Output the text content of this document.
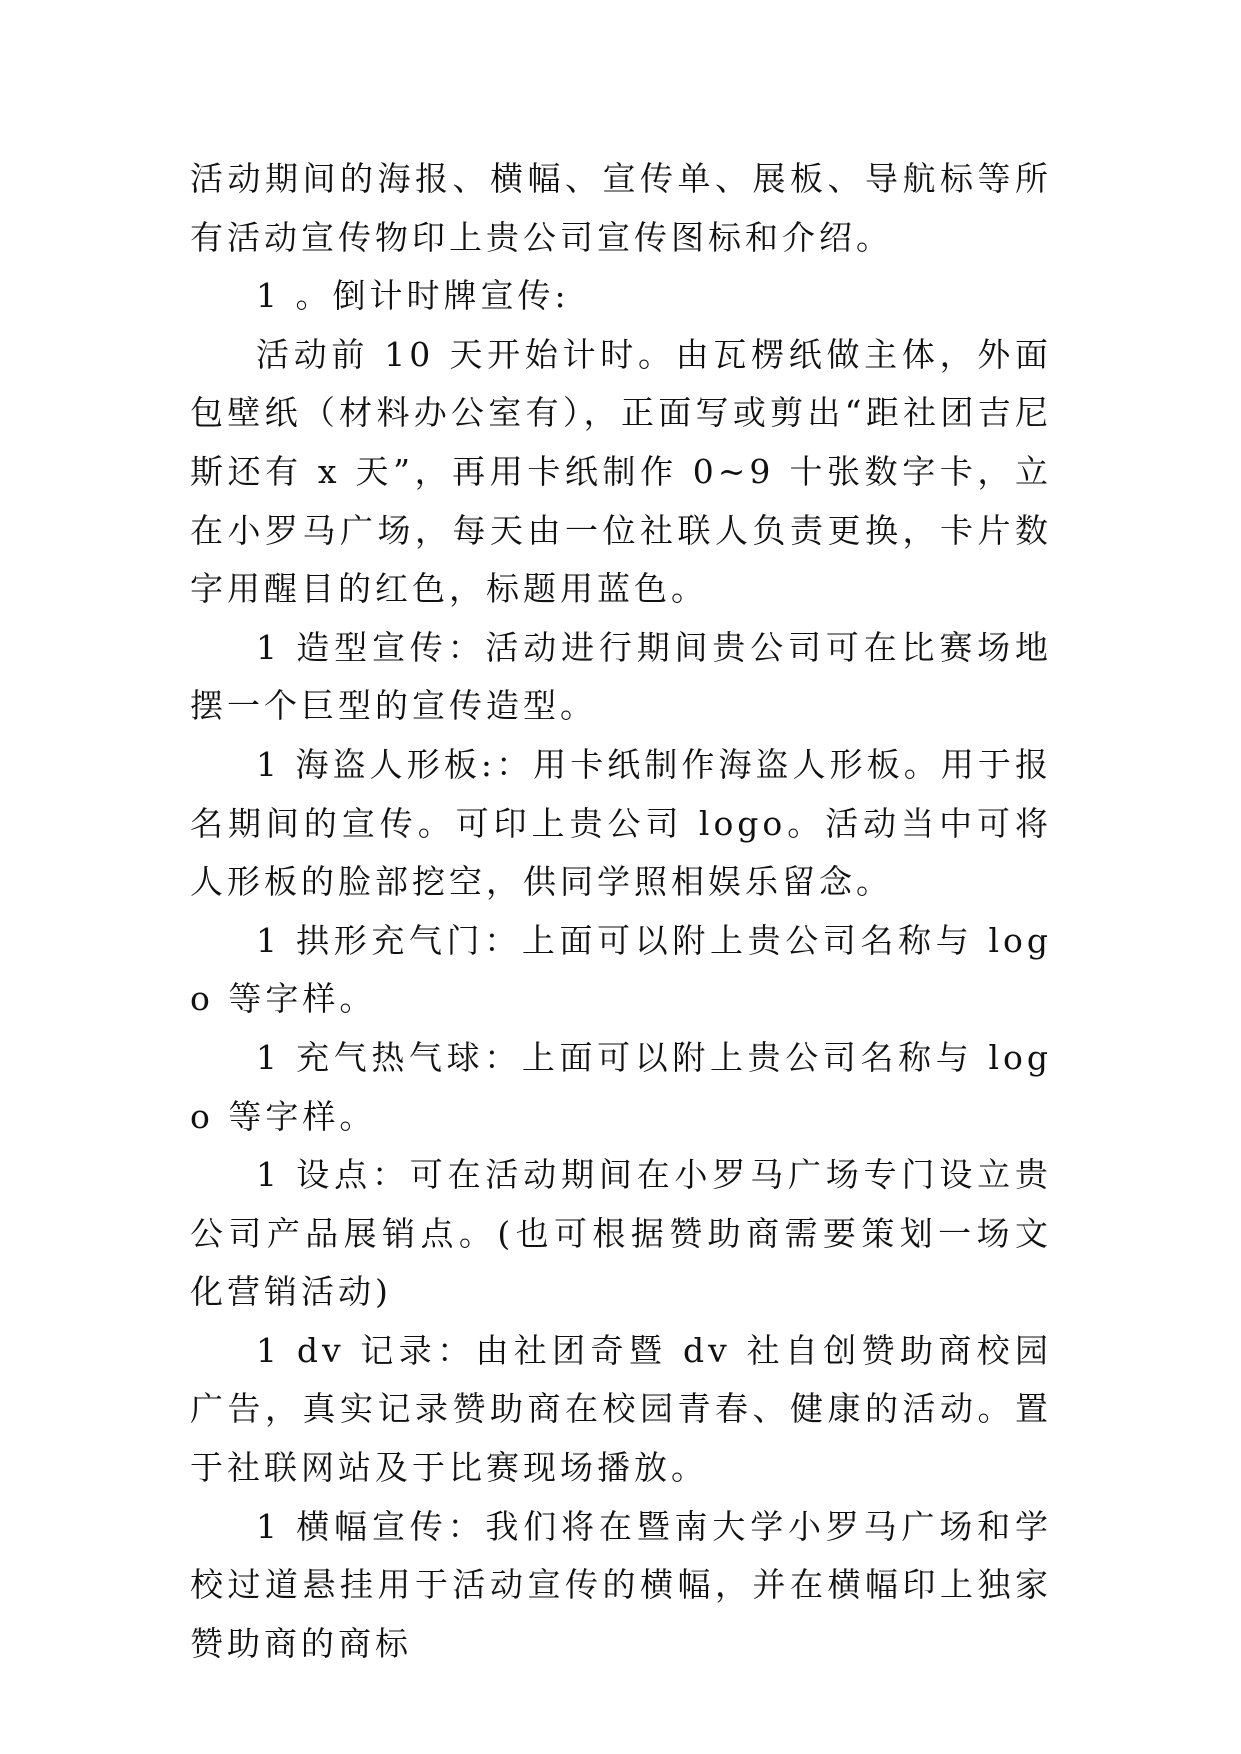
活动期间的海报、横幅、宣传单、展板、导航标等所有活动宣传物印上贵公司宣传图标和介绍。

1 。倒计时牌宣传:

活动前 10 天开始计时。由瓦楞纸做主体，外面包壁纸（材料办公室有），正面写或剪出“距社团吉尼斯还有 x 天”，再用卡纸制作 0~9 十张数字卡，立在小罗马广场，每天由一位社联人负责更换，卡片数字用醒目的红色，标题用蓝色。

1 造型宣传：活动进行期间贵公司可在比赛场地摆一个巨型的宣传造型。

1 海盗人形板:：用卡纸制作海盗人形板。用于报名期间的宣传。可印上贵公司 logo。活动当中可将人形板的脸部挖空，供同学照相娱乐留念。

1 拱形充气门：上面可以附上贵公司名称与 logo 等字样。

1 充气热气球：上面可以附上贵公司名称与 logo 等字样。

1 设点：可在活动期间在小罗马广场专门设立贵公司产品展销点。(也可根据赞助商需要策划一场文化营销活动)

1 dv 记录：由社团奇暨 dv 社自创赞助商校园广告，真实记录赞助商在校园青春、健康的活动。置于社联网站及于比赛现场播放。

1 横幅宣传：我们将在暨南大学小罗马广场和学校过道悬挂用于活动宣传的横幅，并在横幅印上独家赞助商的商标
